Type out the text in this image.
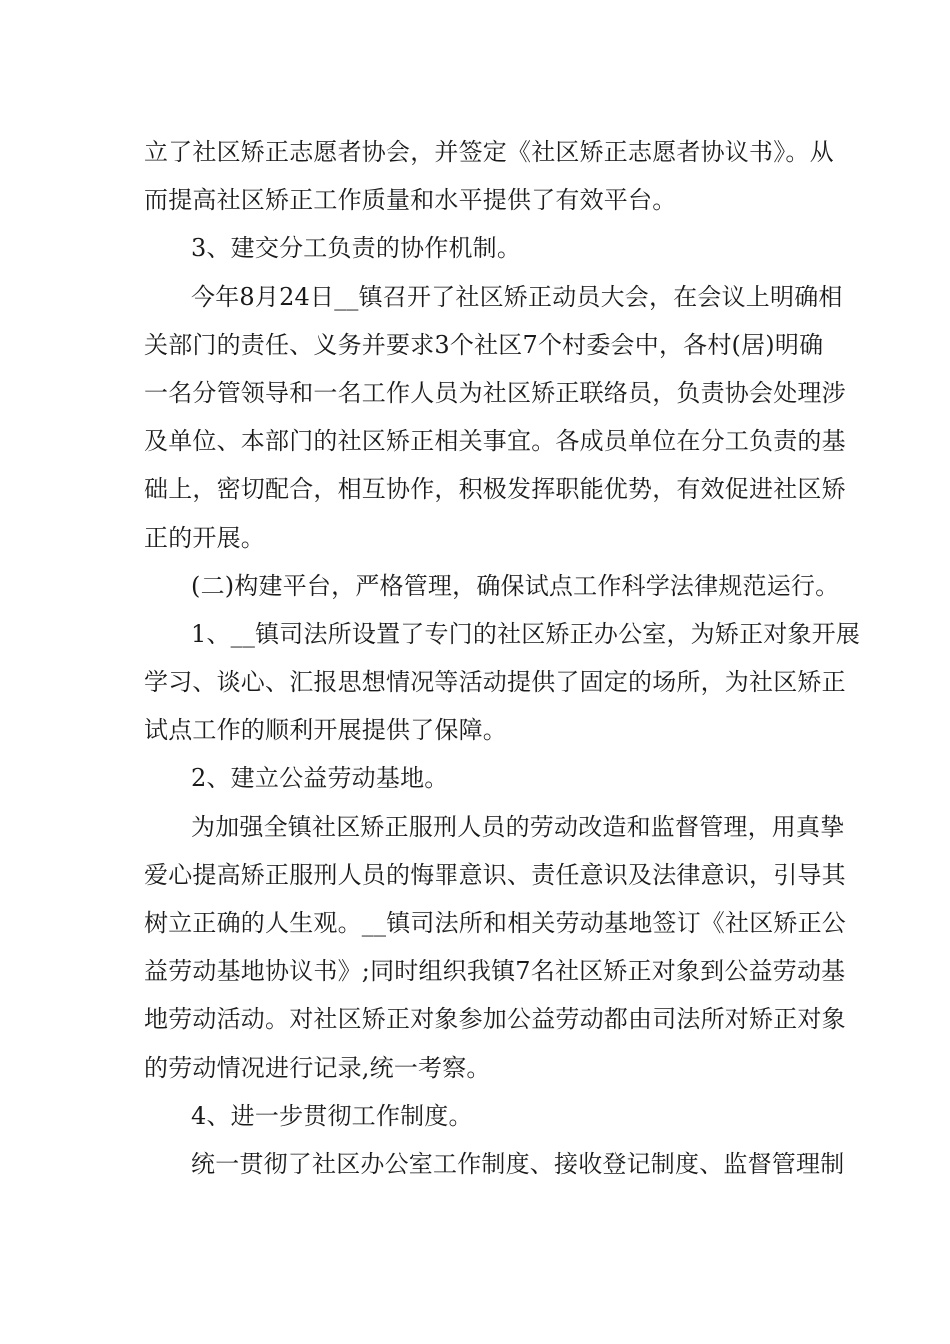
立了社区矫正志愿者协会，并签定《社区矫正志愿者协议书》。从
而提高社区矫正工作质量和水平提供了有效平台。
3、建交分工负责的协作机制。
今年8月24日__镇召开了社区矫正动员大会，在会议上明确相
关部门的责任、义务并要求3个社区7个村委会中，各村(居)明确
一名分管领导和一名工作人员为社区矫正联络员，负责协会处理涉
及单位、本部门的社区矫正相关事宜。各成员单位在分工负责的基
础上，密切配合，相互协作，积极发挥职能优势，有效促进社区矫
正的开展。
(二)构建平台，严格管理，确保试点工作科学法律规范运行。
1、__镇司法所设置了专门的社区矫正办公室，为矫正对象开展
学习、谈心、汇报思想情况等活动提供了固定的场所，为社区矫正
试点工作的顺利开展提供了保障。
2、建立公益劳动基地。
为加强全镇社区矫正服刑人员的劳动改造和监督管理，用真挚
爱心提高矫正服刑人员的悔罪意识、责任意识及法律意识，引导其
树立正确的人生观。__镇司法所和相关劳动基地签订《社区矫正公
益劳动基地协议书》;同时组织我镇7名社区矫正对象到公益劳动基
地劳动活动。对社区矫正对象参加公益劳动都由司法所对矫正对象
的劳动情况进行记录,统一考察。
4、进一步贯彻工作制度。
统一贯彻了社区办公室工作制度、接收登记制度、监督管理制
